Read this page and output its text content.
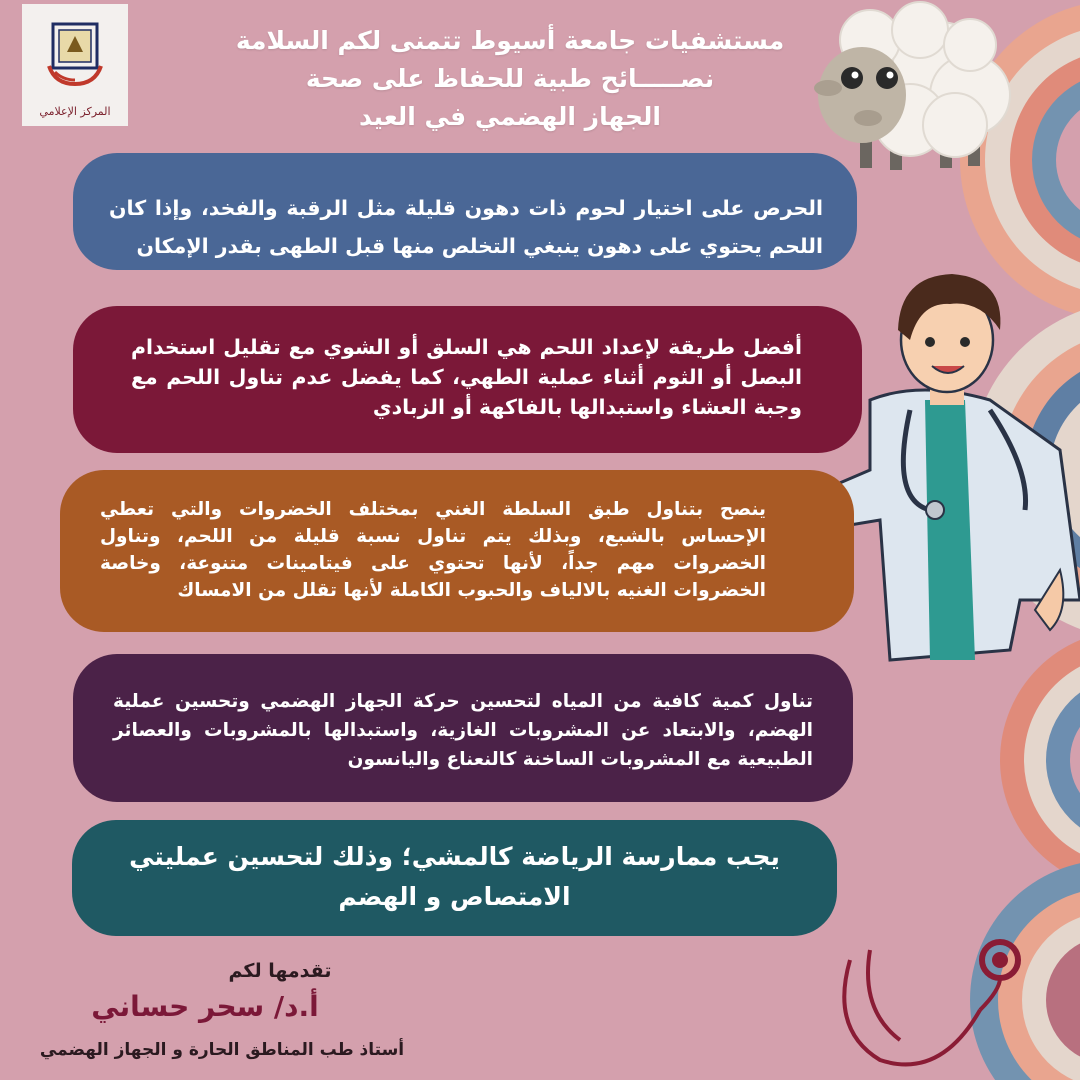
المركز الإعلامي
مستشفيات جامعة أسيوط تتمنى لكم السلامة
نصـــــائح طبية للحفاظ على صحة
الجهاز الهضمي في العيد

الحرص على اختيار لحوم ذات دهون قليلة مثل الرقبة والفخد، وإذا كان اللحم يحتوي على دهون ينبغي التخلص منها قبل الطهى بقدر الإمكان

أفضل طريقة لإعداد اللحم هي السلق أو الشوي مع تقليل استخدام البصل أو الثوم أثناء عملية الطهي، كما يفضل عدم تناول اللحم مع وجبة العشاء واستبدالها بالفاكهة أو الزبادي

ينصح بتناول طبق السلطة الغني بمختلف الخضروات والتي تعطي الإحساس بالشبع، وبذلك يتم تناول نسبة قليلة من اللحم، وتناول الخضروات مهم جداً، لأنها تحتوي على فيتامينات متنوعة، وخاصة الخضروات الغنيه بالالياف والحبوب الكاملة لأنها تقلل من الامساك

تناول كمية كافية من المياه لتحسين حركة الجهاز الهضمي وتحسين عملية الهضم، والابتعاد عن المشروبات الغازية، واستبدالها بالمشروبات والعصائر الطبيعية مع المشروبات الساخنة كالنعناع واليانسون

يجب ممارسة الرياضة كالمشي؛ وذلك لتحسين عمليتي الامتصاص و الهضم

تقدمها لكم
أ.د/ سحر حساني
أستاذ طب المناطق الحارة و الجهاز الهضمي
